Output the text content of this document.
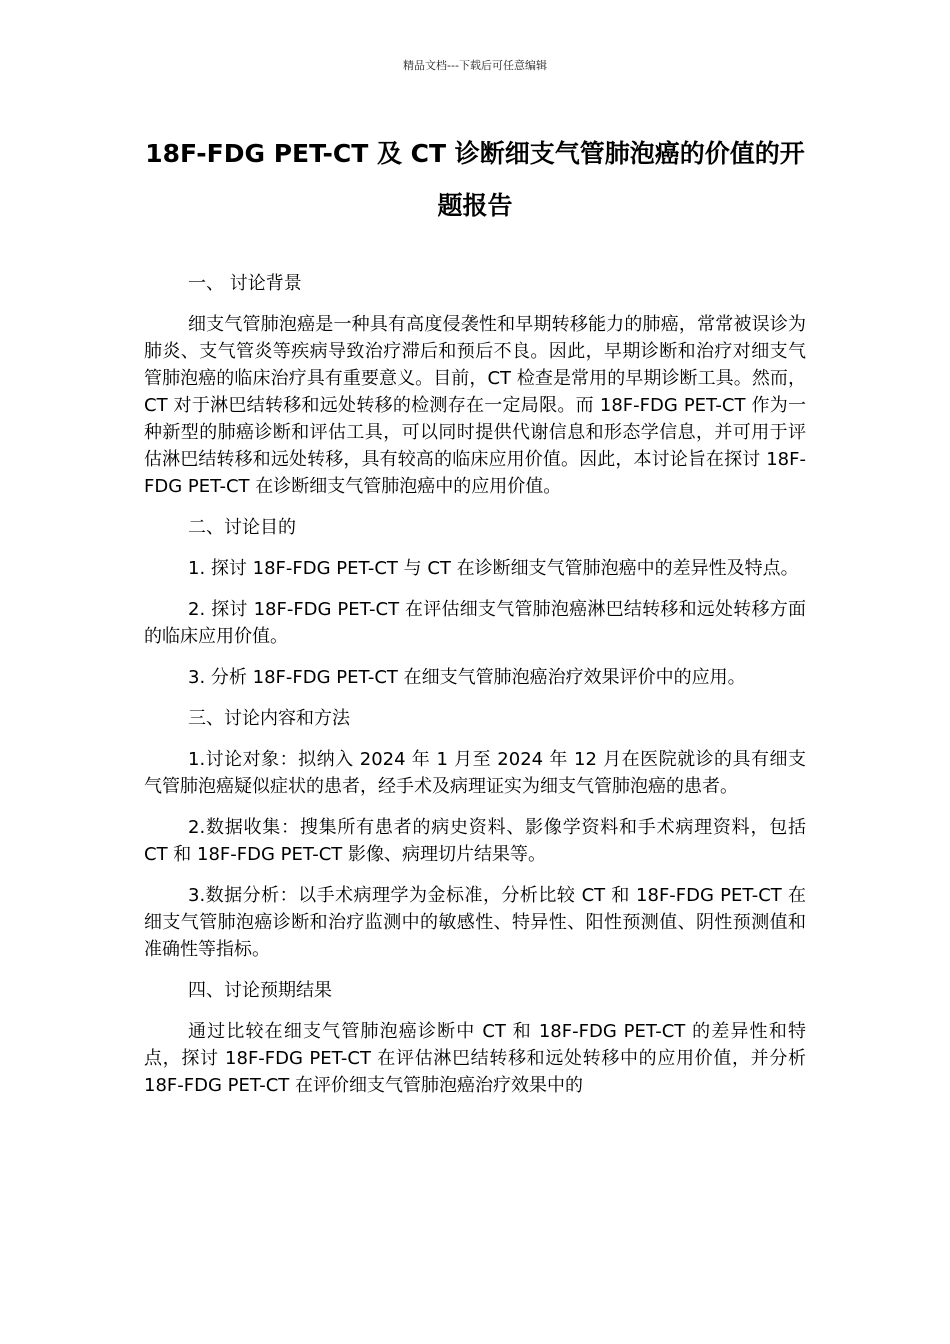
精品文档---下载后可任意编辑
18F-FDG PET-CT 及 CT 诊断细支气管肺泡癌的价值的开题报告

一、 讨论背景

细支气管肺泡癌是一种具有高度侵袭性和早期转移能力的肺癌，常常被误诊为肺炎、支气管炎等疾病导致治疗滞后和预后不良。因此，早期诊断和治疗对细支气管肺泡癌的临床治疗具有重要意义。目前，CT 检查是常用的早期诊断工具。然而，CT 对于淋巴结转移和远处转移的检测存在一定局限。而 18F-FDG PET-CT 作为一种新型的肺癌诊断和评估工具，可以同时提供代谢信息和形态学信息，并可用于评估淋巴结转移和远处转移，具有较高的临床应用价值。因此，本讨论旨在探讨 18F-FDG PET-CT 在诊断细支气管肺泡癌中的应用价值。

二、讨论目的

1. 探讨 18F-FDG PET-CT 与 CT 在诊断细支气管肺泡癌中的差异性及特点。

2. 探讨 18F-FDG PET-CT 在评估细支气管肺泡癌淋巴结转移和远处转移方面的临床应用价值。

3. 分析 18F-FDG PET-CT 在细支气管肺泡癌治疗效果评价中的应用。

三、讨论内容和方法

1.讨论对象：拟纳入 2024 年 1 月至 2024 年 12 月在医院就诊的具有细支气管肺泡癌疑似症状的患者，经手术及病理证实为细支气管肺泡癌的患者。

2.数据收集：搜集所有患者的病史资料、影像学资料和手术病理资料，包括 CT 和 18F-FDG PET-CT 影像、病理切片结果等。

3.数据分析：以手术病理学为金标准，分析比较 CT 和 18F-FDG PET-CT 在细支气管肺泡癌诊断和治疗监测中的敏感性、特异性、阳性预测值、阴性预测值和准确性等指标。

四、讨论预期结果

通过比较在细支气管肺泡癌诊断中 CT 和 18F-FDG PET-CT 的差异性和特点，探讨 18F-FDG PET-CT 在评估淋巴结转移和远处转移中的应用价值，并分析 18F-FDG PET-CT 在评价细支气管肺泡癌治疗效果中的
